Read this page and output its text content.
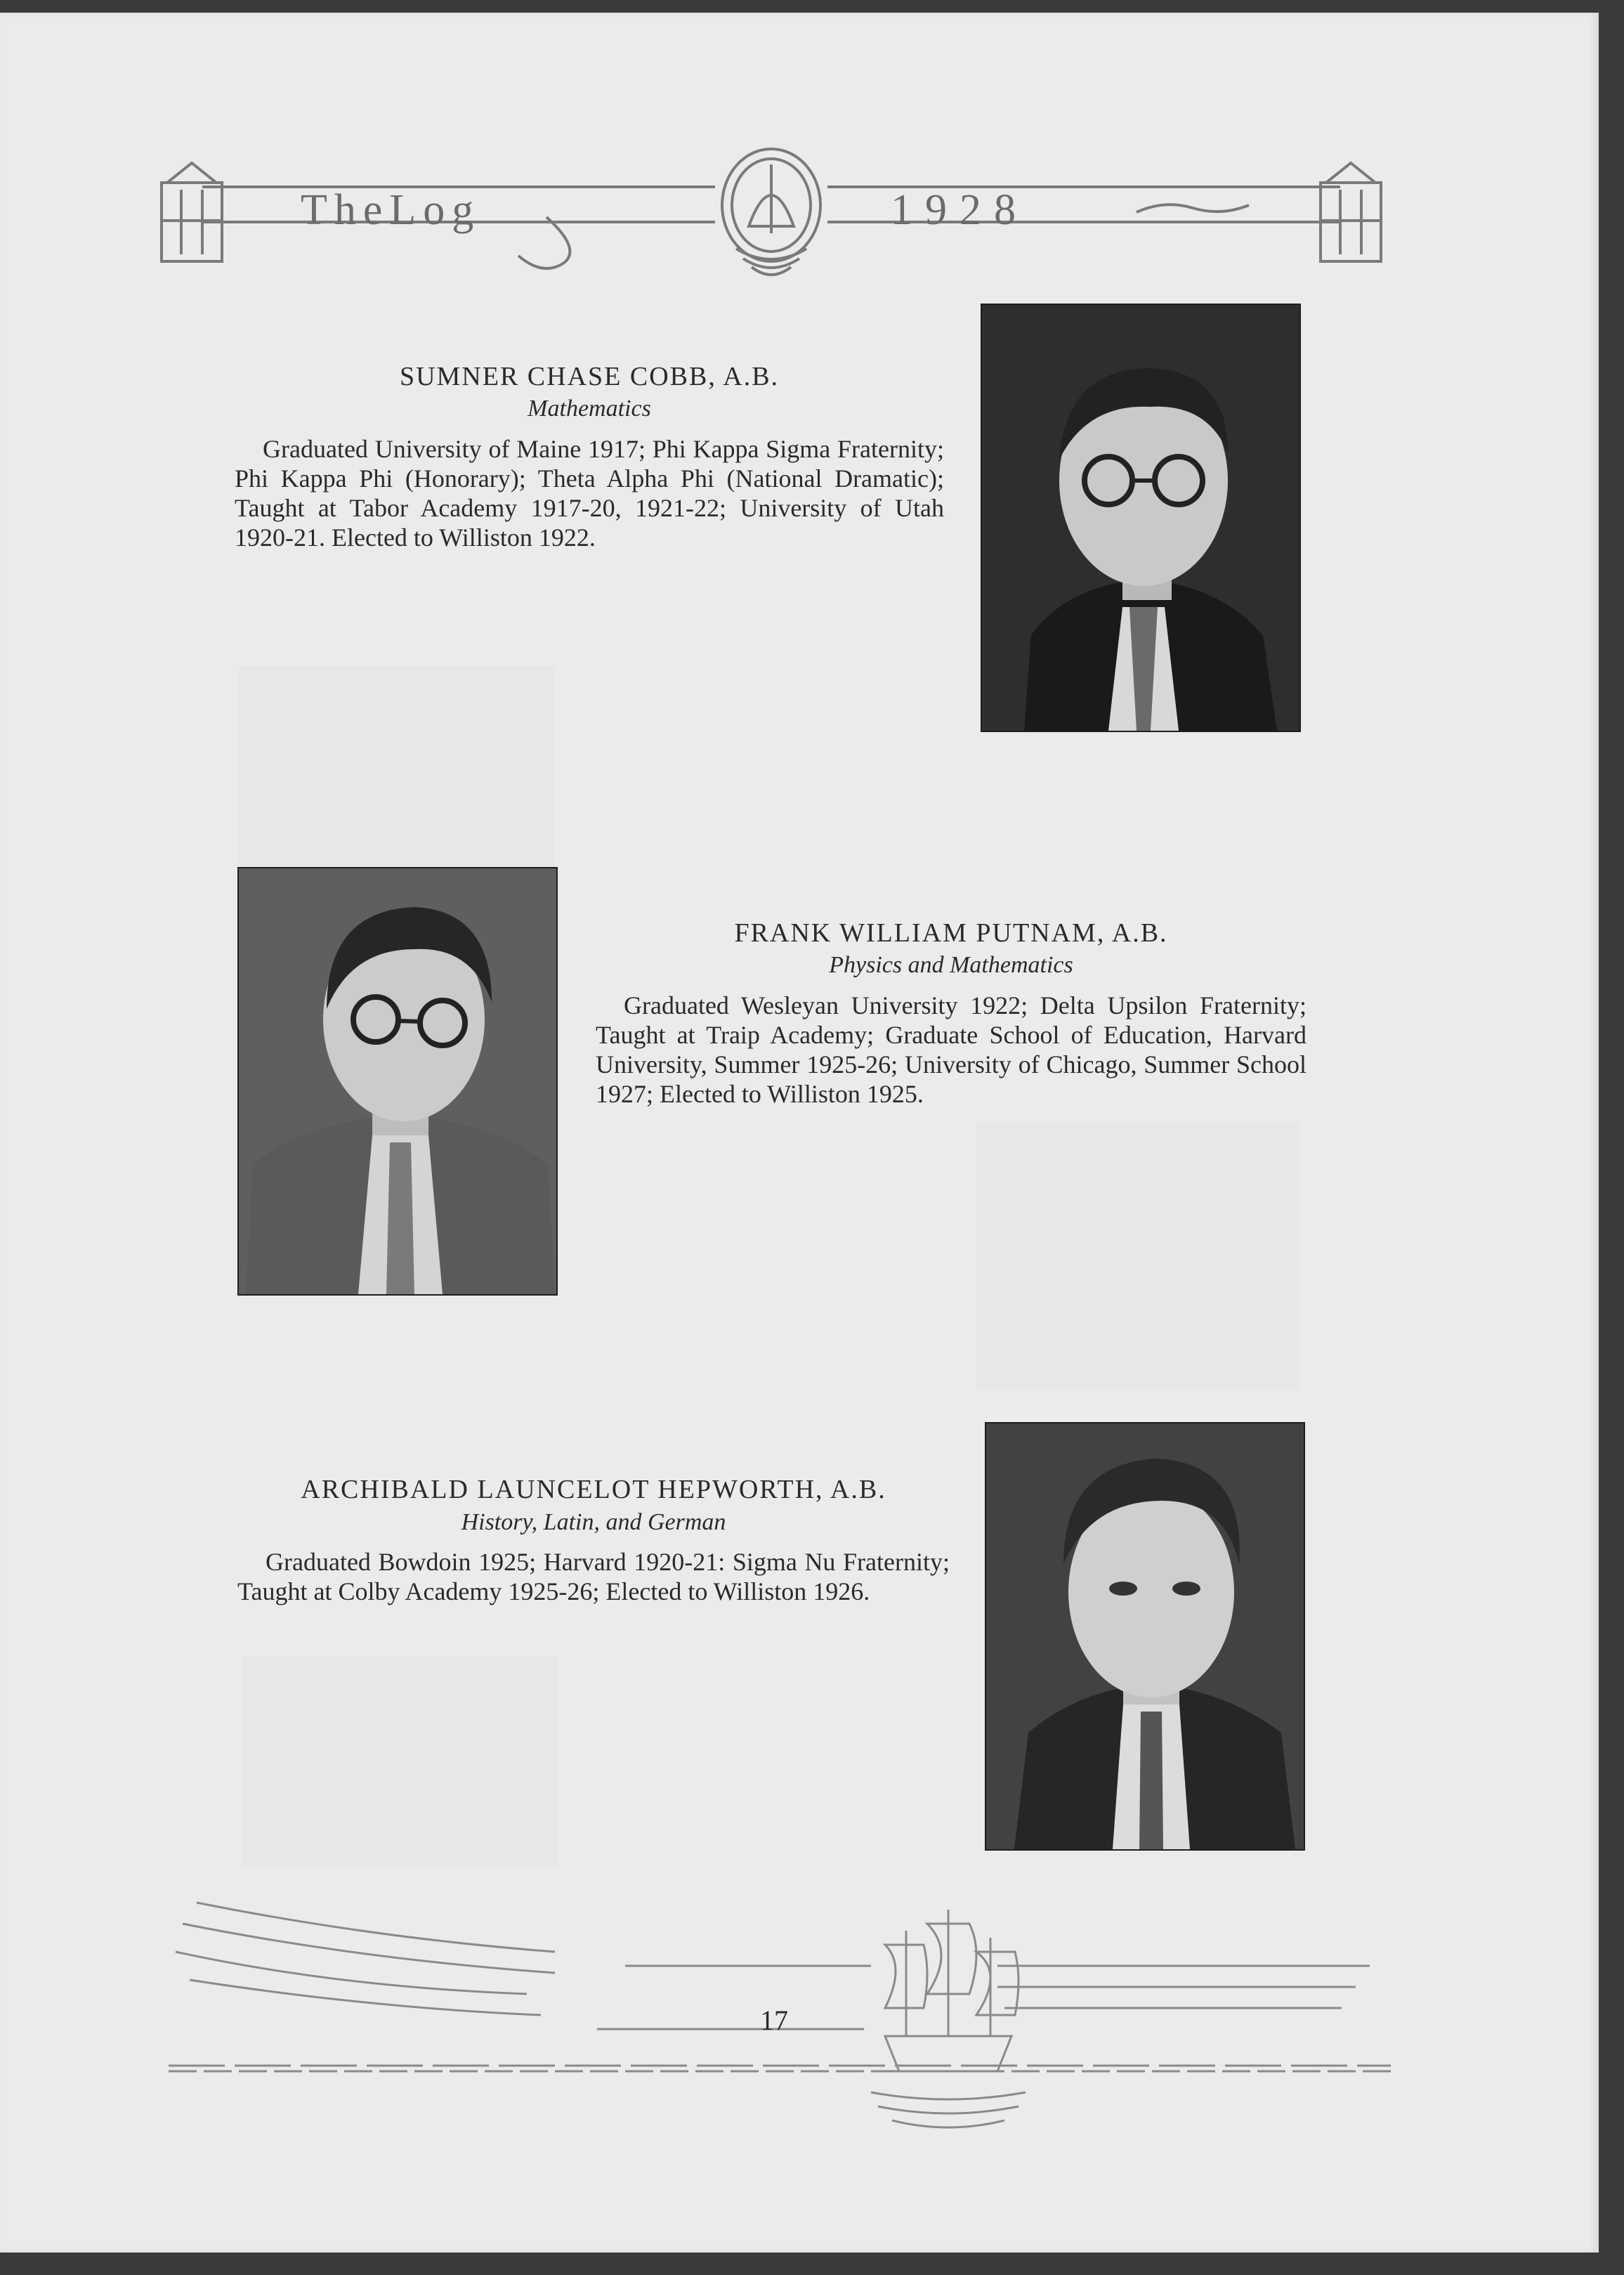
TheLog	1928
SUMNER CHASE COBB, A.B.
Mathematics
Graduated University of Maine 1917; Phi Kappa Sigma Fraternity; Phi Kappa Phi (Honorary); Theta Alpha Phi (National Dramatic); Taught at Tabor Academy 1917-20, 1921-22; University of Utah 1920-21. Elected to Williston 1922.
FRANK WILLIAM PUTNAM, A.B.
Physics and Mathematics
Graduated Wesleyan University 1922; Delta Upsilon Fraternity; Taught at Traip Academy; Graduate School of Education, Harvard University, Summer 1925-26; University of Chicago, Summer School 1927; Elected to Williston 1925.
ARCHIBALD LAUNCELOT HEPWORTH, A.B.
History, Latin, and German
Graduated Bowdoin 1925; Harvard 1920-21: Sigma Nu Fraternity; Taught at Colby Academy 1925-26; Elected to Williston 1926.
17
